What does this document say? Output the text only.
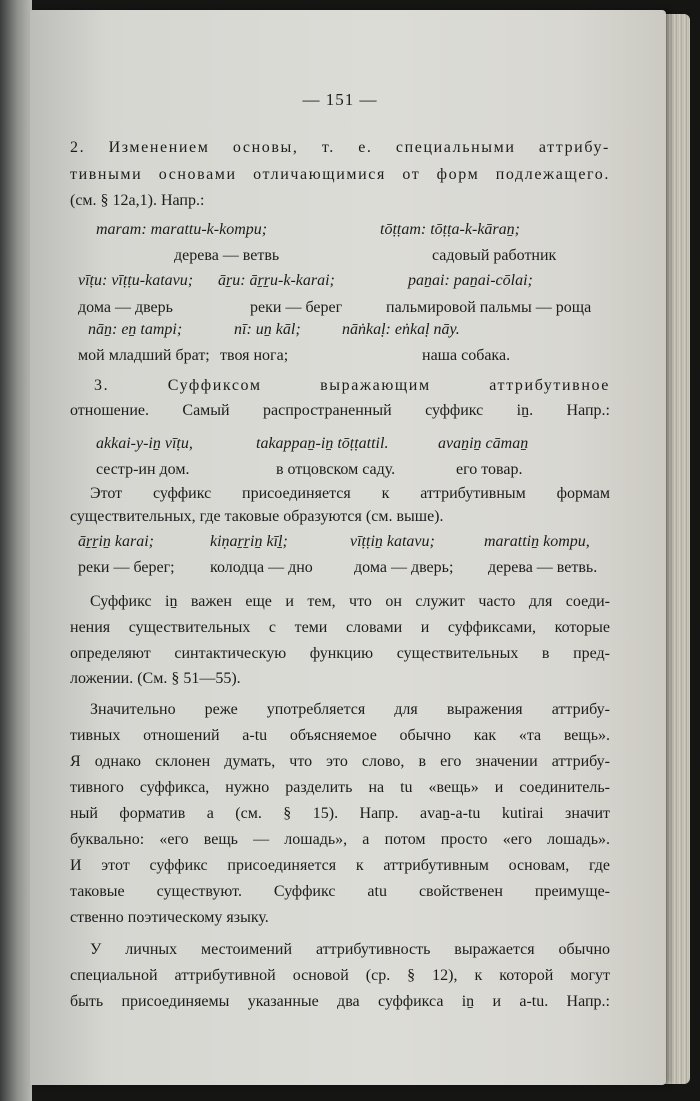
— 151 —
2. Изменением основы, т. е. специальными аттрибу-
тивными основами отличающимися от форм подлежащего.
(см. § 12а,1). Напр.:
maram: marattu-k-kompu;	tōṭṭam: tōṭṭa-k-kāraṉ;
дерева — ветвь	садовый работник
vīṭu: vīṭṭu-katavu; āṟu: āṟṟu-k-karai;	paṉai: paṉai-cōlai;
дома — дверь	реки — берег	пальмировой пальмы — роща
nāṉ: eṉ tampi;	nī: uṉ kāl;	nāṅkaḷ: eṅkaḷ nāy.
мой младший брат; твоя нога;	наша собака.
3. Суффиксом выражающим аттрибутивное
отношение. Самый распространенный суффикс iṉ. Напр.:
akkai-y-iṉ vīṭu,	takappaṉ-iṉ tōṭṭattil.	avaṉiṉ cāmaṉ
сестр-ин дом.	в отцовском саду.	его товар.
Этот суффикс присоединяется к аттрибутивным формам
существительных, где таковые образуются (см. выше).
āṟṟiṉ karai;	kiṇaṟṟiṉ kīḻ;	vīṭṭiṉ katavu;	marattiṉ kompu,
реки — берег; колодца — дно	дома — дверь; дерева — ветвь.
Суффикс iṉ важен еще и тем, что он служит часто для соеди-
нения существительных с теми словами и суффиксами, которые
определяют синтактическую функцию существительных в пред-
ложении. (См. § 51—55).
Значительно реже употребляется для выражения аттрибу-
тивных отношений a-tu объясняемое обычно как «та вещь».
Я однако склонен думать, что это слово, в его значении аттрибу-
тивного суффикса, нужно разделить на tu «вещь» и соединитель-
ный форматив a (см. § 15). Напр. avaṉ-a-tu kutirai значит
буквально: «его вещь — лошадь», а потом просто «его лошадь».
И этот суффикс присоединяется к аттрибутивным основам, где
таковые существуют. Суффикс atu свойственен преимуще-
ственно поэтическому языку.
У личных местоимений аттрибутивность выражается обычно
специальной аттрибутивной основой (ср. § 12), к которой могут
быть присоединяемы указанные два суффикса iṉ и a-tu. Напр.:
